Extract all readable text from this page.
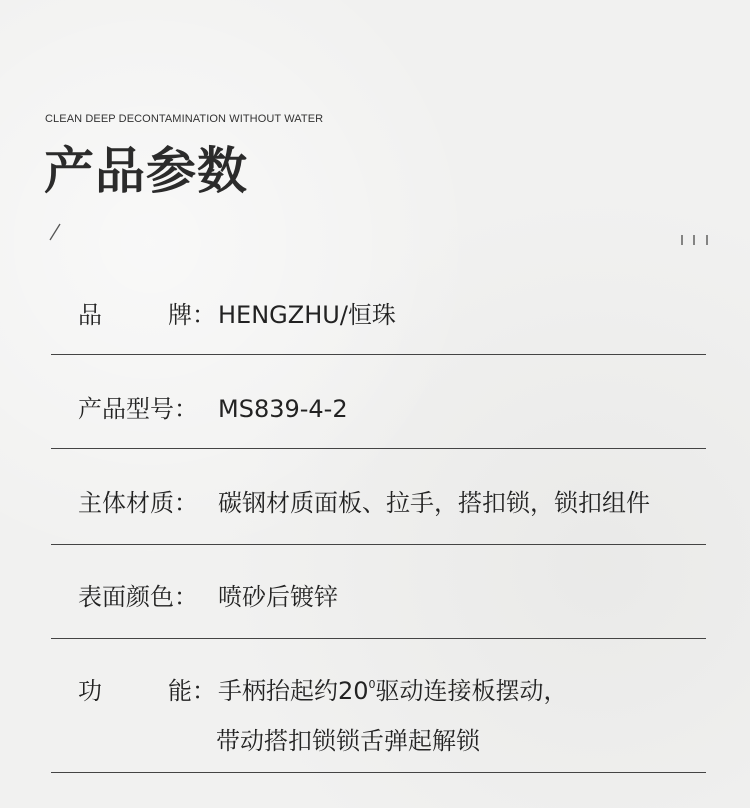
CLEAN DEEP DECONTAMINATION WITHOUT WATER
产品参数
品	牌： HENGZHU/恒珠
产品型号： MS839-4-2
主体材质： 碳钢材质面板、拉手，搭扣锁，锁扣组件
表面颜色： 喷砂后镀锌
功	能： 手柄抬起约$20^0$驱动连接板摆动，
带动搭扣锁锁舌弹起解锁
